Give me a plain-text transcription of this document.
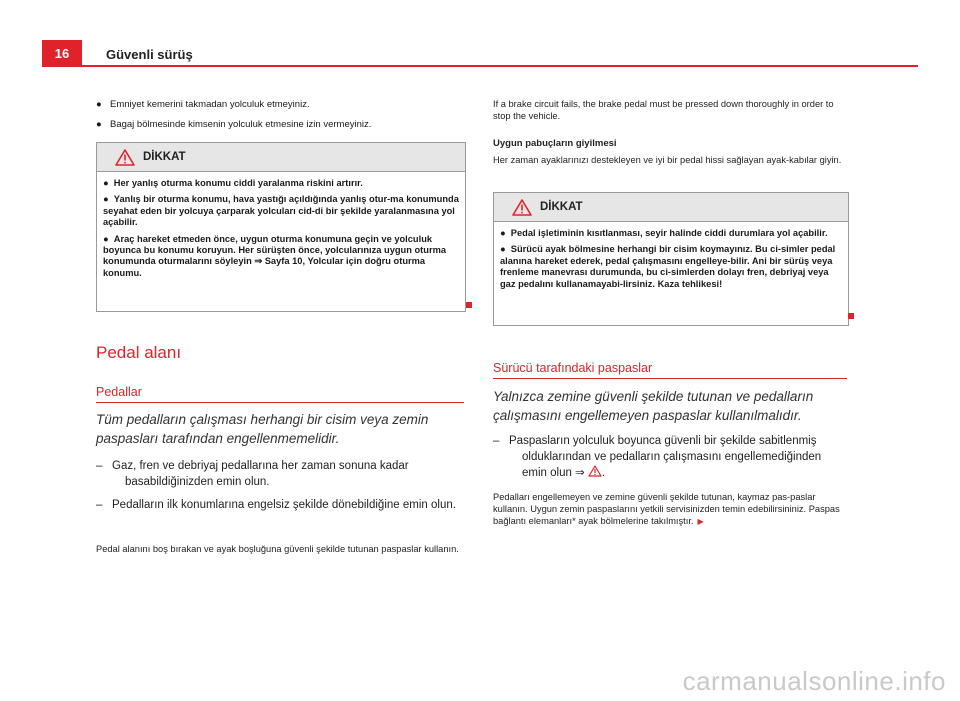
16	Güvenli sürüş
● Emniyet kemerini takmadan yolculuk etmeyiniz.
● Bagaj bölmesinde kimsenin yolculuk etmesine izin vermeyiniz.
DİKKAT

●  Her yanlış oturma konumu ciddi yaralanma riskini artırır.

●  Yanlış bir oturma konumu, hava yastığı açıldığında yanlış otur-ma konumunda seyahat eden bir yolcuya çarparak yolcuları cid-di bir şekilde yaralanmasına yol açabilir.

●  Araç hareket etmeden önce, uygun oturma konumuna geçin ve yolculuk boyunca bu konumu koruyun. Her sürüşten önce, yolcularınıza uygun oturma konumunda oturmalarını söyleyin ⇒ Sayfa 10, Yolcular için doğru oturma konumu.

Pedal alanı
Pedallar
Tüm pedalların çalışması herhangi bir cisim veya zemin paspasları tarafından engellenmemelidir.
– Gaz, fren ve debriyaj pedallarına her zaman sonuna kadar basabildiğinizden emin olun.
– Pedalların ilk konumlarına engelsiz şekilde dönebildiğine emin olun.
Pedal alanını boş bırakan ve ayak boşluğuna güvenli şekilde tutunan paspaslar kullanın.
If a brake circuit fails, the brake pedal must be pressed down thoroughly in order to stop the vehicle.
Uygun pabuçların giyilmesi
Her zaman ayaklarınızı destekleyen ve iyi bir pedal hissi sağlayan ayak-kabılar giyin.
DİKKAT

●  Pedal işletiminin kısıtlanması, seyir halinde ciddi durumlara yol açabilir.

●  Sürücü ayak bölmesine herhangi bir cisim koymayınız. Bu ci-simler pedal alanına hareket ederek, pedal çalışmasını engelleye-bilir. Ani bir sürüş veya frenleme manevrası durumunda, bu ci-simlerden dolayı fren, debriyaj veya gaz pedalını kullanamayabi-lirsiniz. Kaza tehlikesi!

Sürücü tarafındaki paspaslar
Yalnızca zemine güvenli şekilde tutunan ve pedalların çalışmasını engellemeyen paspaslar kullanılmalıdır.
– Paspasların yolculuk boyunca güvenli bir şekilde sabitlenmiş olduklarından ve pedalların çalışmasını engellemediğinden emin olun ⇒ .
Pedalları engellemeyen ve zemine güvenli şekilde tutunan, kaymaz pas-paslar kullanın. Uygun zemin paspaslarını yetkili servisinizden temin edebilirsininiz. Paspas bağlantı elemanları* ayak bölmelerine takılmıştır. ▶
carmanualsonline.info
